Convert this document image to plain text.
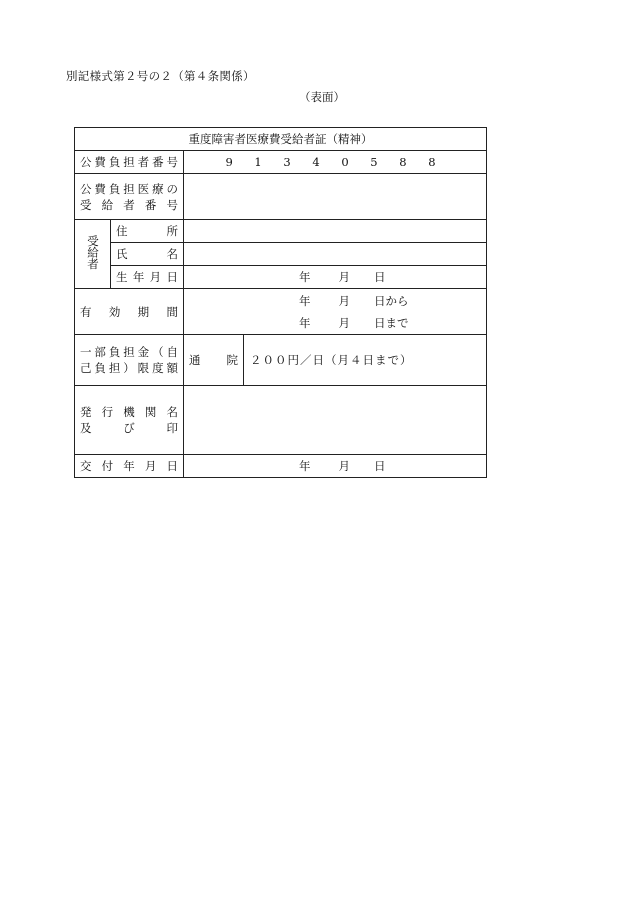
別記様式第２号の２（第４条関係）
（表面）
重度障害者医療費受給者証（精神）			
公費負担者番号		9 1 3 4 0 5 8 8	

公費負担医療の
受給者番号			

受給者	住所		
	氏名		
	生年月日	年 月 日	

有効期間		年 月 日から
年 月 日まで	

一部負担金（自
己負担）限度額		通院	２００円／日（月４日まで）

発行機関名
及び印			

交付年月日		年 月 日	
